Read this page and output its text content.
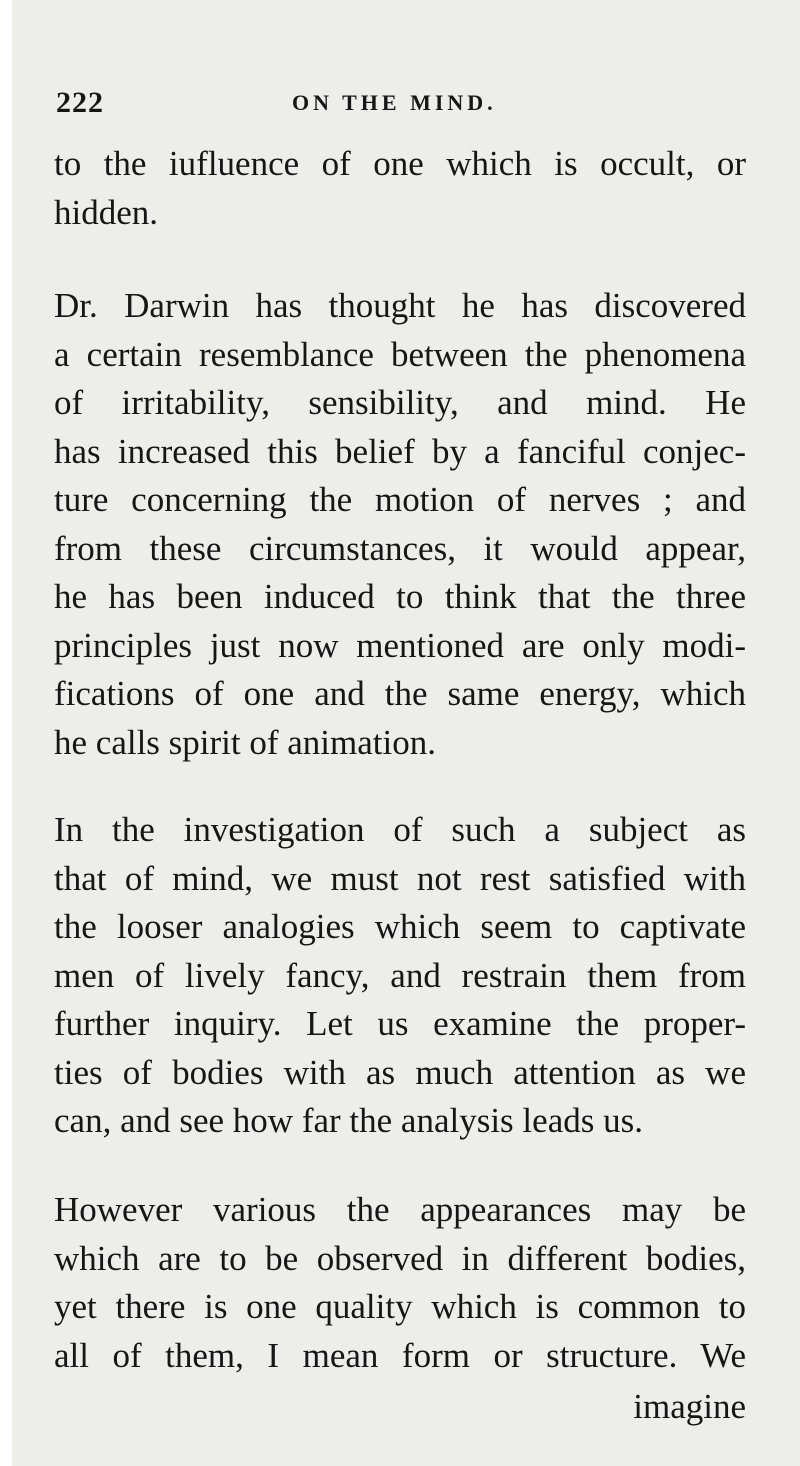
222	ON THE MIND.
to the iufluence of one which is occult, or
hidden.
Dr. Darwin has thought he has discovered
a certain resemblance between the phenomena
of irritability, sensibility, and mind. He
has increased this belief by a fanciful conjec-
ture concerning the motion of nerves ; and
from these circumstances, it would appear,
he has been induced to think that the three
principles just now mentioned are only modi-
fications of one and the same energy, which
he calls spirit of animation.
In the investigation of such a subject as
that of mind, we must not rest satisfied with
the looser analogies which seem to captivate
men of lively fancy, and restrain them from
further inquiry. Let us examine the proper-
ties of bodies with as much attention as we
can, and see how far the analysis leads us.
However various the appearances may be
which are to be observed in different bodies,
yet there is one quality which is common to
all of them, I mean form or structure. We
imagine
